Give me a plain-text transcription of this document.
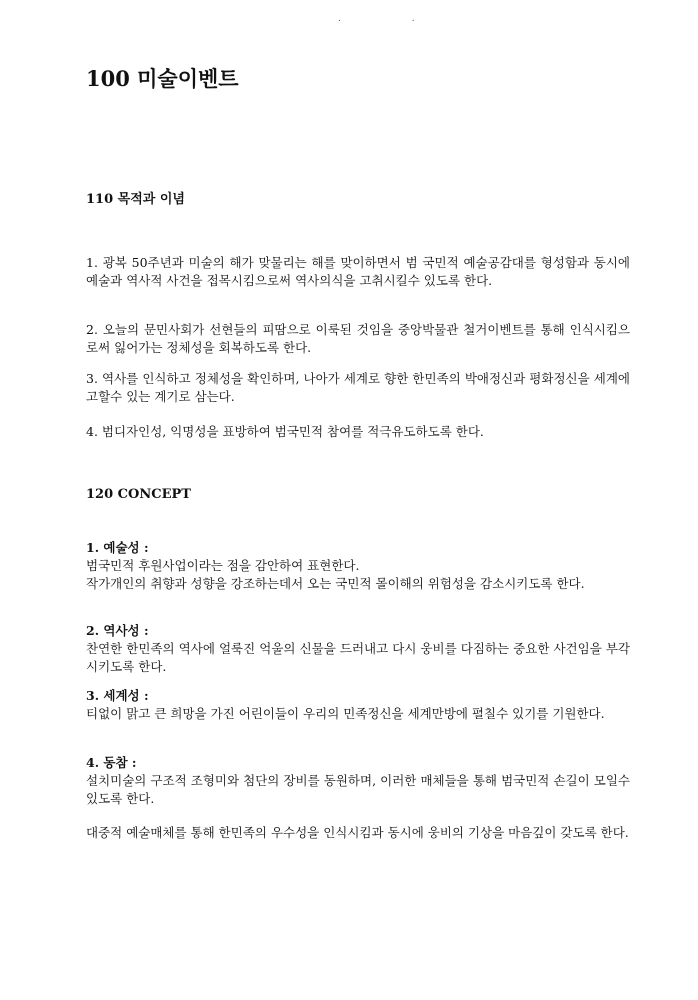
. .
100 미술이벤트
110 목적과 이념

1. 광복 50주년과 미술의 해가 맞물리는 해를 맞이하면서 범 국민적 예술공감대를 형성함과 동시에 예술과 역사적 사건을 접목시킴으로써 역사의식을 고취시킬수 있도록 한다.

2. 오늘의 문민사회가 선현들의 피땀으로 이룩된 것임을 중앙박물관 철거이벤트를 통해 인식시킴으로써 잃어가는 정체성을 회복하도록 한다.

3. 역사를 인식하고 정체성을 확인하며, 나아가 세계로 향한 한민족의 박애정신과 평화정신을 세계에 고할수 있는 계기로 삼는다.

4. 범디자인성, 익명성을 표방하여 범국민적 참여를 적극유도하도록 한다.

120 CONCEPT

1. 예술성 :

범국민적 후원사업이라는 점을 감안하여 표현한다.

작가개인의 취향과 성향을 강조하는데서 오는 국민적 몰이해의 위험성을 감소시키도록 한다.

2. 역사성 :

찬연한 한민족의 역사에 얼룩진 억울의 신물을 드러내고 다시 웅비를 다짐하는 중요한 사건임을 부각시키도록 한다.

3. 세계성 :

티없이 맑고 큰 희망을 가진 어린이들이 우리의 민족정신을 세계만방에 펼칠수 있기를 기원한다.

4. 동참 :

설치미술의 구조적 조형미와 첨단의 장비를 동원하며, 이러한 매체들을 통해 범국민적 손길이 모일수 있도록 한다.

대중적 예술매체를 통해 한민족의 우수성을 인식시킴과 동시에 웅비의 기상을 마음깊이 갖도록 한다.
